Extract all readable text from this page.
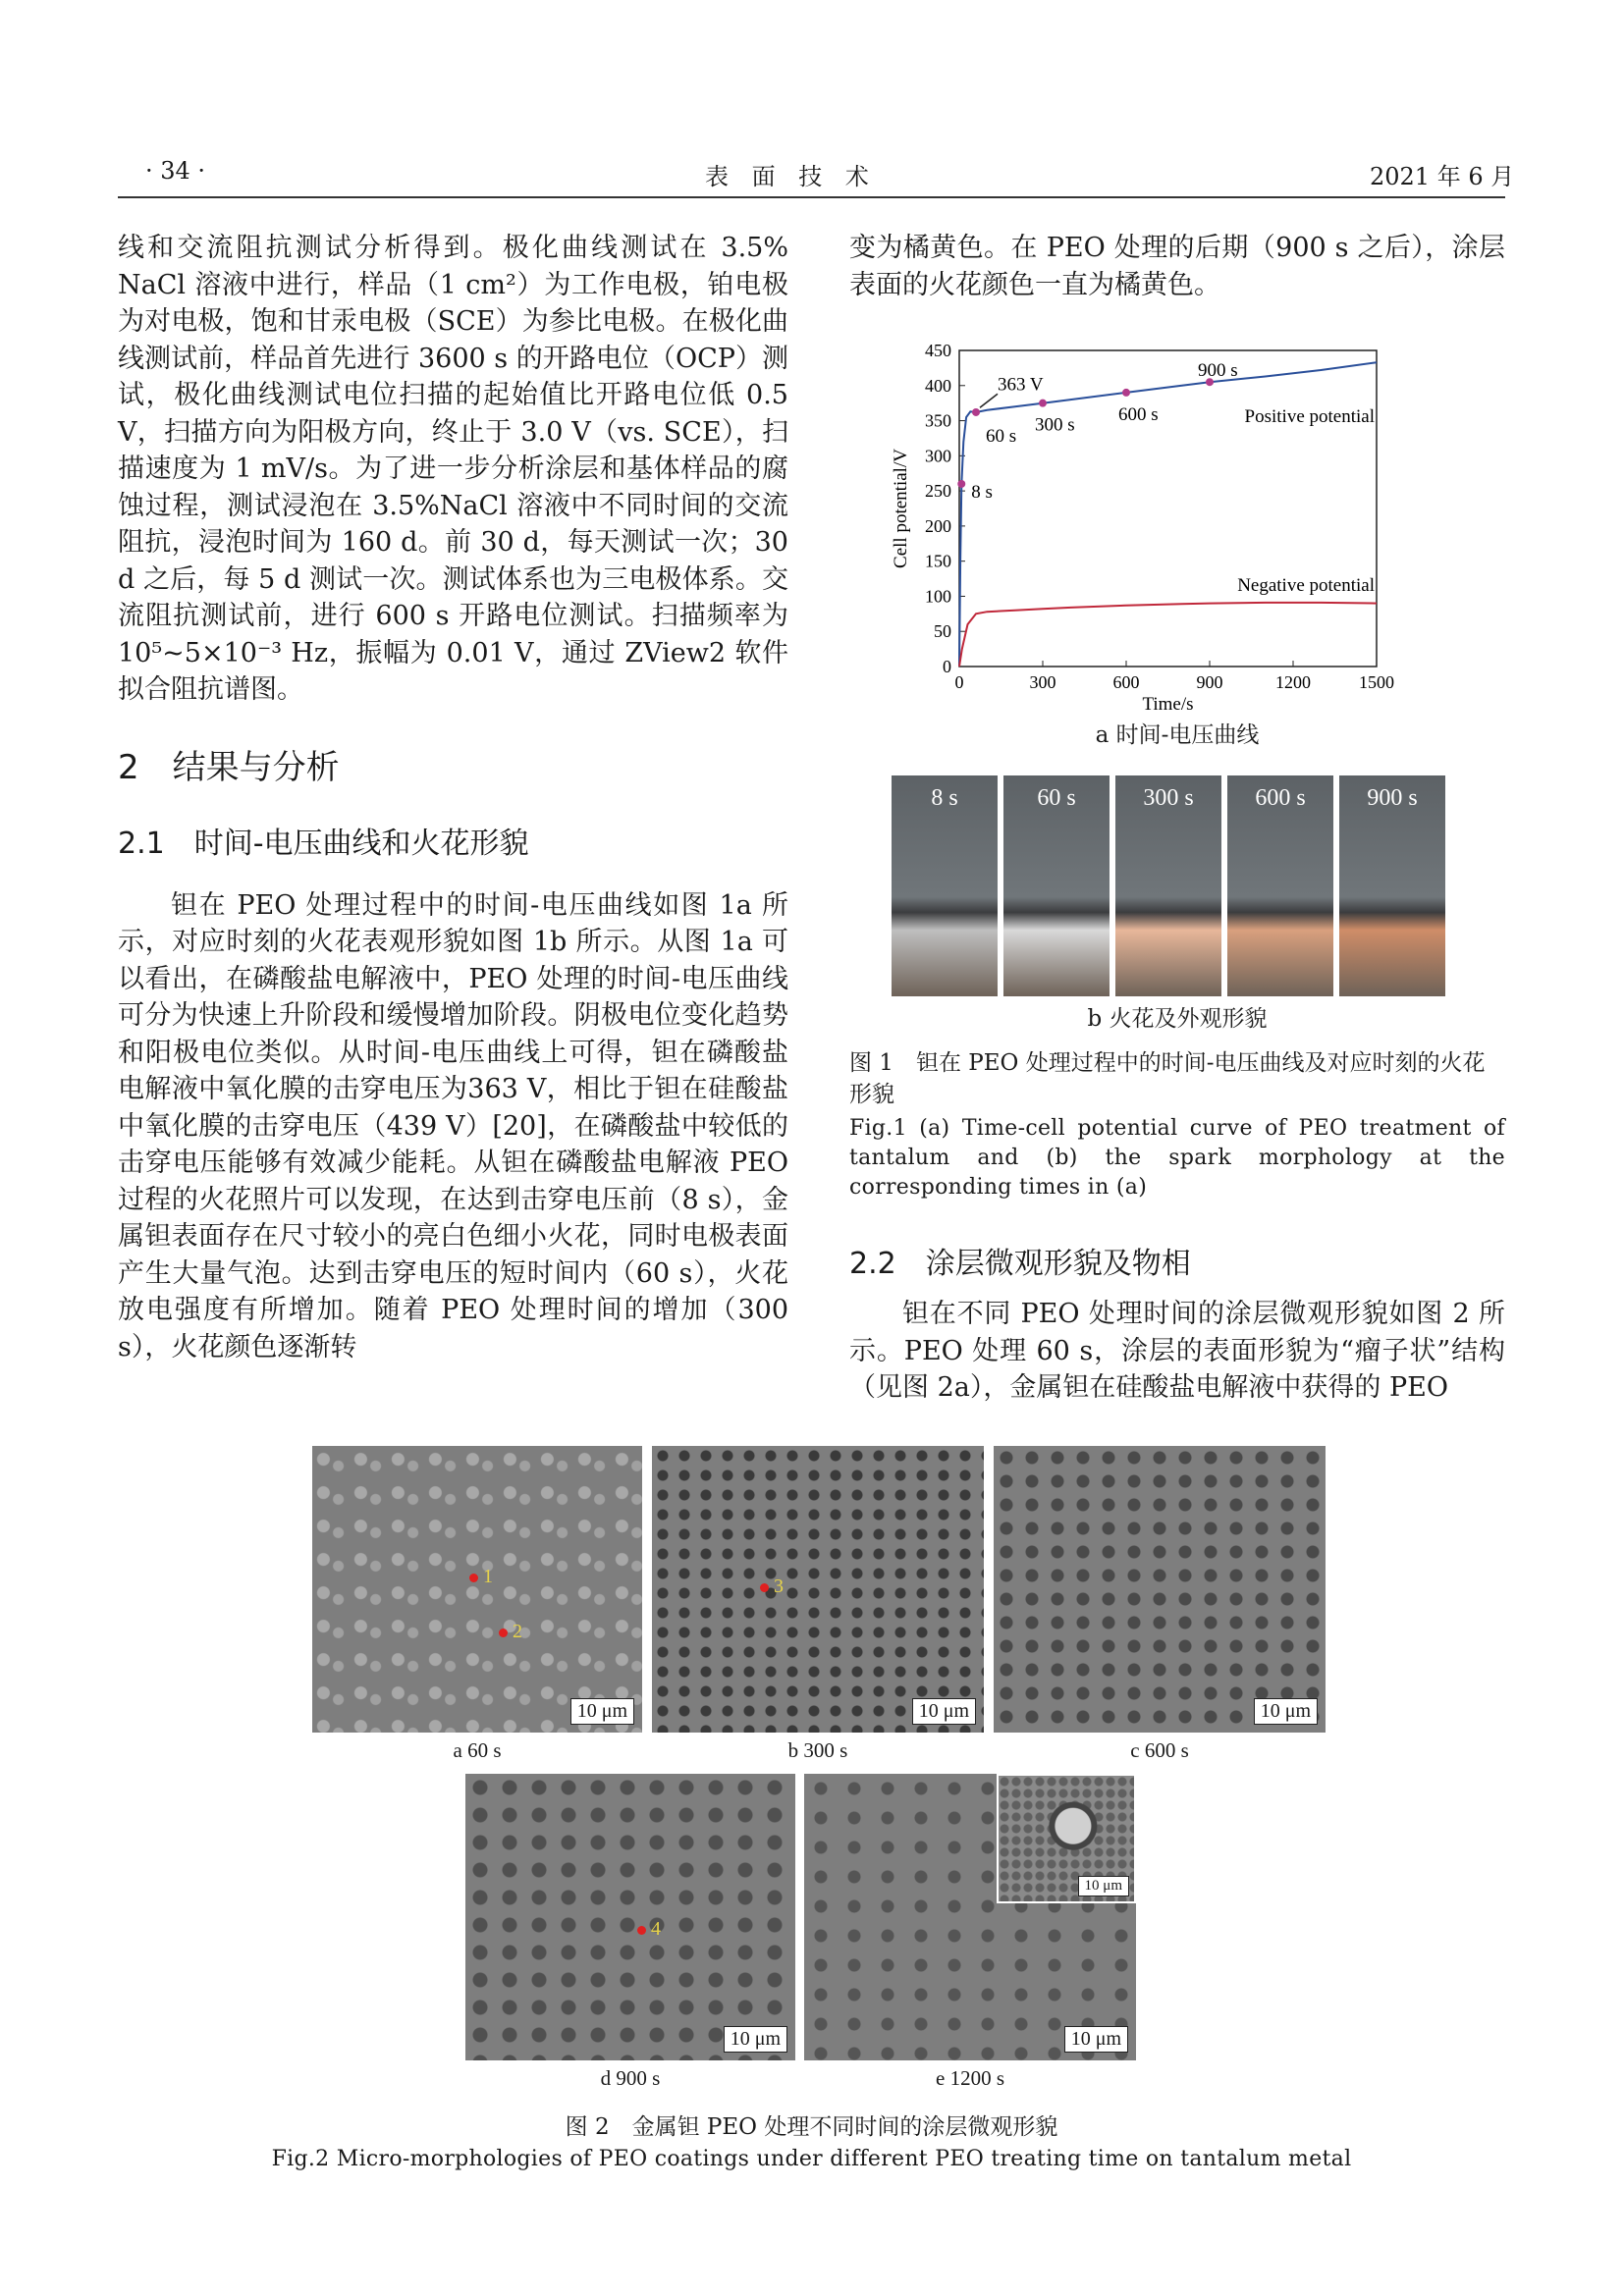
· 34 ·	表 面 技 术	2021 年 6 月
线和交流阻抗测试分析得到。极化曲线测试在 3.5% NaCl 溶液中进行，样品（1 cm²）为工作电极，铂电极为对电极，饱和甘汞电极（SCE）为参比电极。在极化曲线测试前，样品首先进行 3600 s 的开路电位（OCP）测试，极化曲线测试电位扫描的起始值比开路电位低 0.5 V，扫描方向为阳极方向，终止于 3.0 V（vs. SCE），扫描速度为 1 mV/s。为了进一步分析涂层和基体样品的腐蚀过程，测试浸泡在 3.5%NaCl 溶液中不同时间的交流阻抗，浸泡时间为 160 d。前 30 d，每天测试一次；30 d 之后，每 5 d 测试一次。测试体系也为三电极体系。交流阻抗测试前，进行 600 s 开路电位测试。扫描频率为 10⁵~5×10⁻³ Hz，振幅为 0.01 V，通过 ZView2 软件拟合阻抗谱图。
2　结果与分析
2.1　时间-电压曲线和火花形貌
钽在 PEO 处理过程中的时间-电压曲线如图 1a 所示，对应时刻的火花表观形貌如图 1b 所示。从图 1a 可以看出，在磷酸盐电解液中，PEO 处理的时间-电压曲线可分为快速上升阶段和缓慢增加阶段。阴极电位变化趋势和阳极电位类似。从时间-电压曲线上可得，钽在磷酸盐电解液中氧化膜的击穿电压为363 V，相比于钽在硅酸盐中氧化膜的击穿电压（439 V）[20]，在磷酸盐中较低的击穿电压能够有效减少能耗。从钽在磷酸盐电解液 PEO 过程的火花照片可以发现，在达到击穿电压前（8 s），金属钽表面存在尺寸较小的亮白色细小火花，同时电极表面产生大量气泡。达到击穿电压的短时间内（60 s），火花放电强度有所增加。随着 PEO 处理时间的增加（300 s），火花颜色逐渐转
变为橘黄色。在 PEO 处理的后期（900 s 之后），涂层表面的火花颜色一直为橘黄色。
0	300	600	900	1200	1500
0
50
100
150
200
250
300
350
400
450
Time/s
Cell potential/V
363 V
8 s
60 s
300 s
600 s
900 s
Positive potential
Negative potential
a 时间-电压曲线
8 s	60 s	300 s	600 s	900 s
b 火花及外观形貌
图 1　钽在 PEO 处理过程中的时间-电压曲线及对应时刻的火花形貌
Fig.1 (a) Time-cell potential curve of PEO treatment of tantalum and (b) the spark morphology at the corresponding times in (a)
2.2　涂层微观形貌及物相
钽在不同 PEO 处理时间的涂层微观形貌如图 2 所示。PEO 处理 60 s，涂层的表面形貌为“瘤子状”结构（见图 2a），金属钽在硅酸盐电解液中获得的 PEO
10 μm
1
2
a 60 s
10 μm
3
b 300 s
10 μm
c 600 s
10 μm
4
d 900 s
10 μm
10 μm
e 1200 s
图 2　金属钽 PEO 处理不同时间的涂层微观形貌
Fig.2 Micro-morphologies of PEO coatings under different PEO treating time on tantalum metal
